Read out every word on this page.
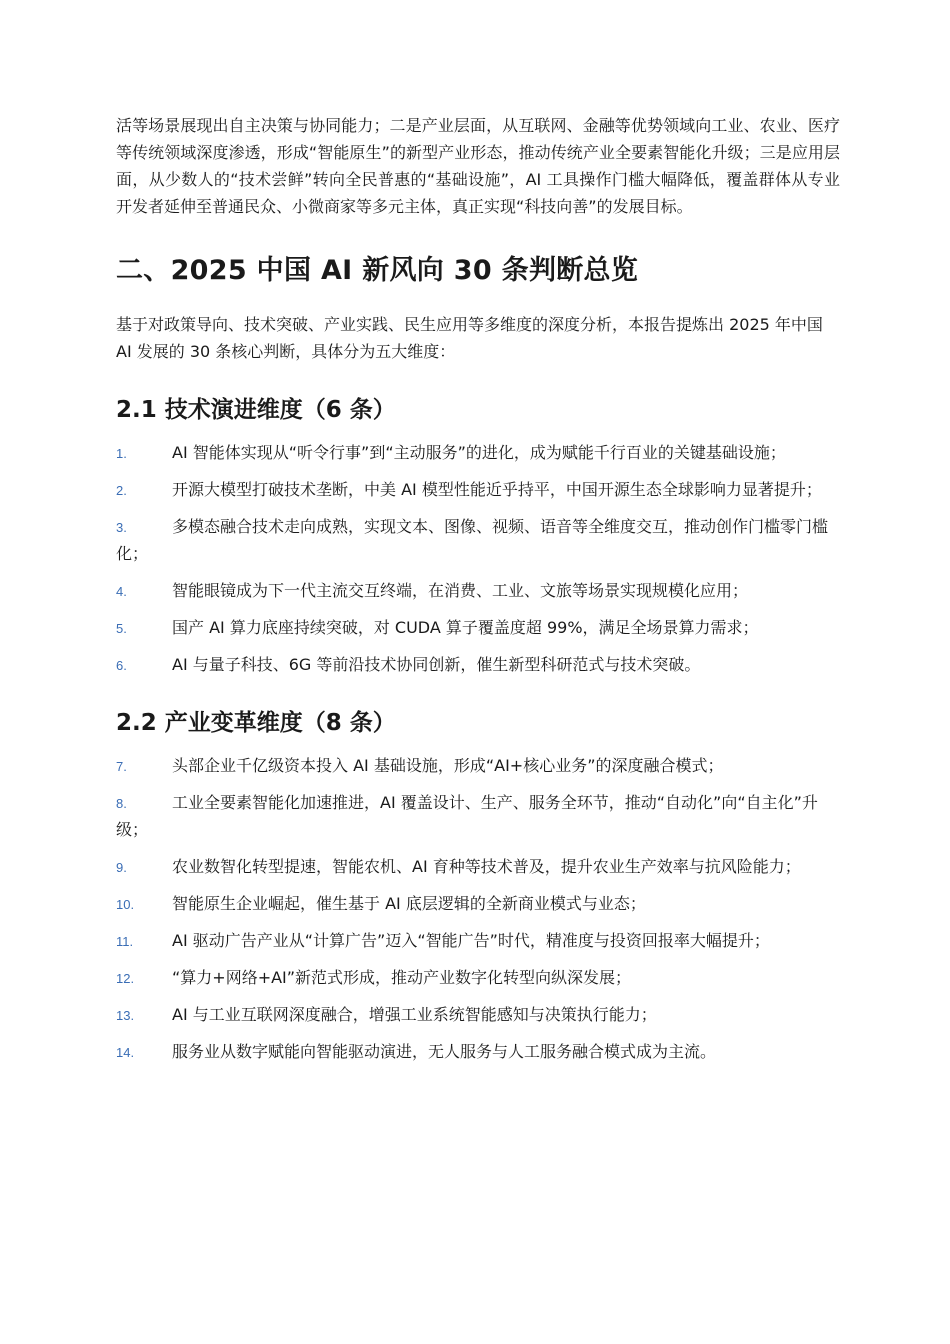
活等场景展现出自主决策与协同能力；二是产业层面，从互联网、金融等优势领域向工业、农业、医疗等传统领域深度渗透，形成“智能原生”的新型产业形态，推动传统产业全要素智能化升级；三是应用层面，从少数人的“技术尝鲜”转向全民普惠的“基础设施”，AI 工具操作门槛大幅降低，覆盖群体从专业开发者延伸至普通民众、小微商家等多元主体，真正实现“科技向善”的发展目标。

二、2025 中国 AI 新风向 30 条判断总览

基于对政策导向、技术突破、产业实践、民生应用等多维度的深度分析，本报告提炼出 2025 年中国 AI 发展的 30 条核心判断，具体分为五大维度：

2.1 技术演进维度（6 条）
1.	AI 智能体实现从“听令行事”到“主动服务”的进化，成为赋能千行百业的关键基础设施；
2.	开源大模型打破技术垄断，中美 AI 模型性能近乎持平，中国开源生态全球影响力显著提升；
3.	多模态融合技术走向成熟，实现文本、图像、视频、语音等全维度交互，推动创作门槛零门槛化；
4.	智能眼镜成为下一代主流交互终端，在消费、工业、文旅等场景实现规模化应用；
5.	国产 AI 算力底座持续突破，对 CUDA 算子覆盖度超 99%，满足全场景算力需求；
6.	AI 与量子科技、6G 等前沿技术协同创新，催生新型科研范式与技术突破。
2.2 产业变革维度（8 条）
7.	头部企业千亿级资本投入 AI 基础设施，形成“AI+核心业务”的深度融合模式；
8.	工业全要素智能化加速推进，AI 覆盖设计、生产、服务全环节，推动“自动化”向“自主化”升级；
9.	农业数智化转型提速，智能农机、AI 育种等技术普及，提升农业生产效率与抗风险能力；
10. 智能原生企业崛起，催生基于 AI 底层逻辑的全新商业模式与业态；
11. AI 驱动广告产业从“计算广告”迈入“智能广告”时代，精准度与投资回报率大幅提升；
12. “算力+网络+AI”新范式形成，推动产业数字化转型向纵深发展；
13. AI 与工业互联网深度融合，增强工业系统智能感知与决策执行能力；
14. 服务业从数字赋能向智能驱动演进，无人服务与人工服务融合模式成为主流。
